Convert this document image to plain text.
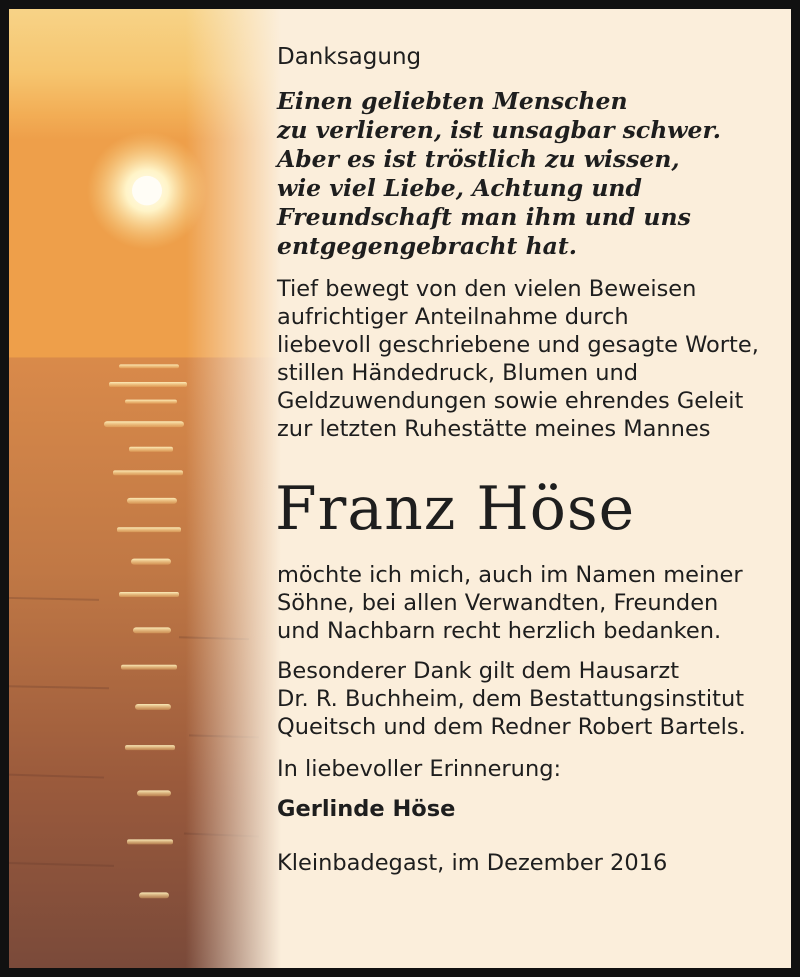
Danksagung
Einen geliebten Menschen
zu verlieren, ist unsagbar schwer.
Aber es ist tröstlich zu wissen,
wie viel Liebe, Achtung und
Freundschaft man ihm und uns
entgegengebracht hat.
Tief bewegt von den vielen Beweisen
aufrichtiger Anteilnahme durch
liebevoll geschriebene und gesagte Worte,
stillen Händedruck, Blumen und
Geldzuwendungen sowie ehrendes Geleit
zur letzten Ruhestätte meines Mannes
Franz Höse
möchte ich mich, auch im Namen meiner
Söhne, bei allen Verwandten, Freunden
und Nachbarn recht herzlich bedanken.
Besonderer Dank gilt dem Hausarzt
Dr. R. Buchheim, dem Bestattungsinstitut
Queitsch und dem Redner Robert Bartels.
In liebevoller Erinnerung:
Gerlinde Höse
Kleinbadegast, im Dezember 2016
